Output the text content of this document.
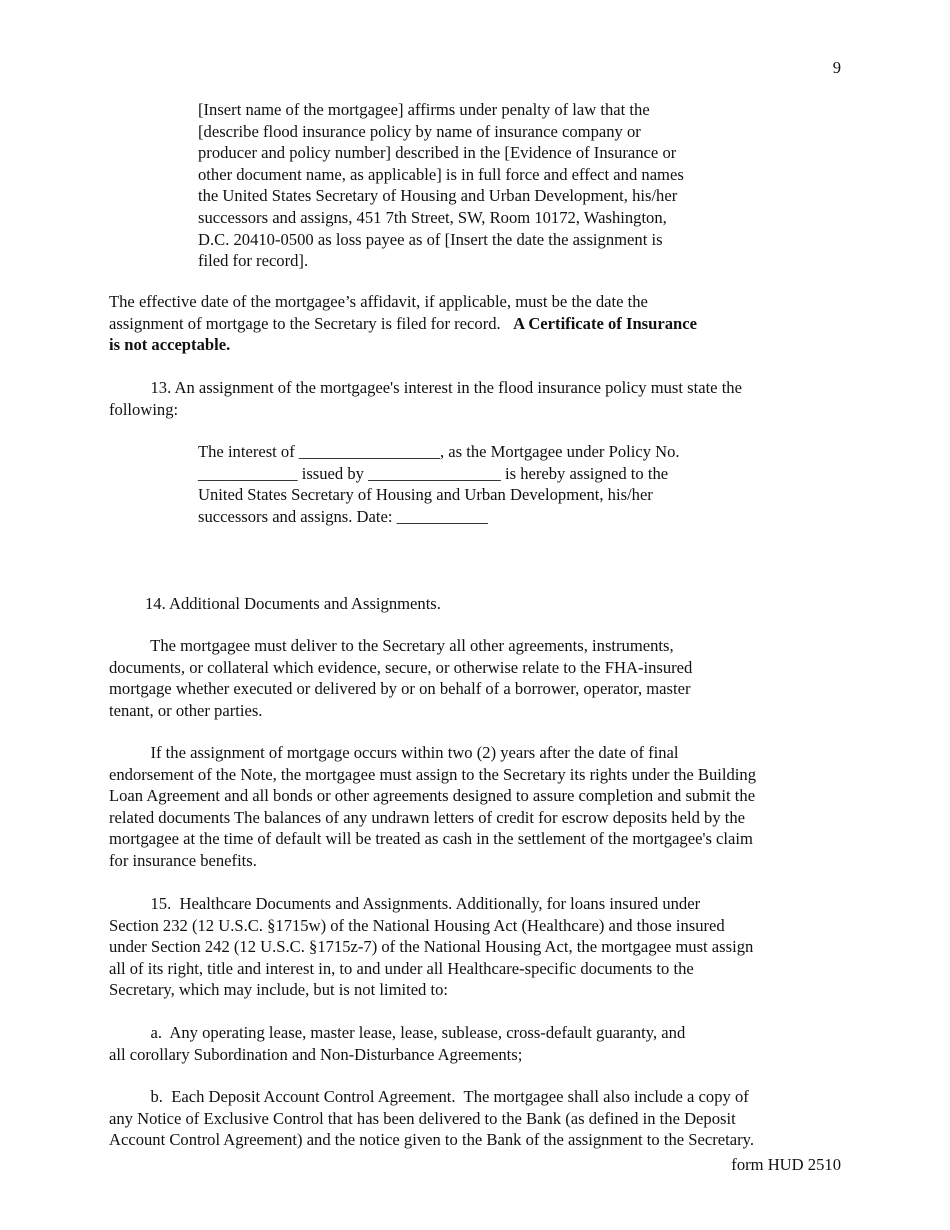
9
[Insert name of the mortgagee] affirms under penalty of law that the
[describe flood insurance policy by name of insurance company or
producer and policy number] described in the [Evidence of Insurance or
other document name, as applicable] is in full force and effect and names
the United States Secretary of Housing and Urban Development, his/her
successors and assigns, 451 7th Street, SW, Room 10172, Washington,
D.C. 20410-0500 as loss payee as of [Insert the date the assignment is
filed for record].
The effective date of the mortgagee’s affidavit, if applicable, must be the date the
assignment of mortgage to the Secretary is filed for record.   A Certificate of Insurance
is not acceptable.
13. An assignment of the mortgagee's interest in the flood insurance policy must state the
following:
The interest of _________________, as the Mortgagee under Policy No.
____________ issued by ________________ is hereby assigned to the
United States Secretary of Housing and Urban Development, his/her
successors and assigns. Date: ___________
14. Additional Documents and Assignments.
The mortgagee must deliver to the Secretary all other agreements, instruments,
documents, or collateral which evidence, secure, or otherwise relate to the FHA-insured
mortgage whether executed or delivered by or on behalf of a borrower, operator, master
tenant, or other parties.
If the assignment of mortgage occurs within two (2) years after the date of final
endorsement of the Note, the mortgagee must assign to the Secretary its rights under the Building
Loan Agreement and all bonds or other agreements designed to assure completion and submit the
related documents The balances of any undrawn letters of credit for escrow deposits held by the
mortgagee at the time of default will be treated as cash in the settlement of the mortgagee's claim
for insurance benefits.
15.  Healthcare Documents and Assignments. Additionally, for loans insured under
Section 232 (12 U.S.C. §1715w) of the National Housing Act (Healthcare) and those insured
under Section 242 (12 U.S.C. §1715z-7) of the National Housing Act, the mortgagee must assign
all of its right, title and interest in, to and under all Healthcare-specific documents to the
Secretary, which may include, but is not limited to:
a.  Any operating lease, master lease, lease, sublease, cross-default guaranty, and
all corollary Subordination and Non-Disturbance Agreements;
b.  Each Deposit Account Control Agreement.  The mortgagee shall also include a copy of
any Notice of Exclusive Control that has been delivered to the Bank (as defined in the Deposit
Account Control Agreement) and the notice given to the Bank of the assignment to the Secretary.
form HUD 2510
